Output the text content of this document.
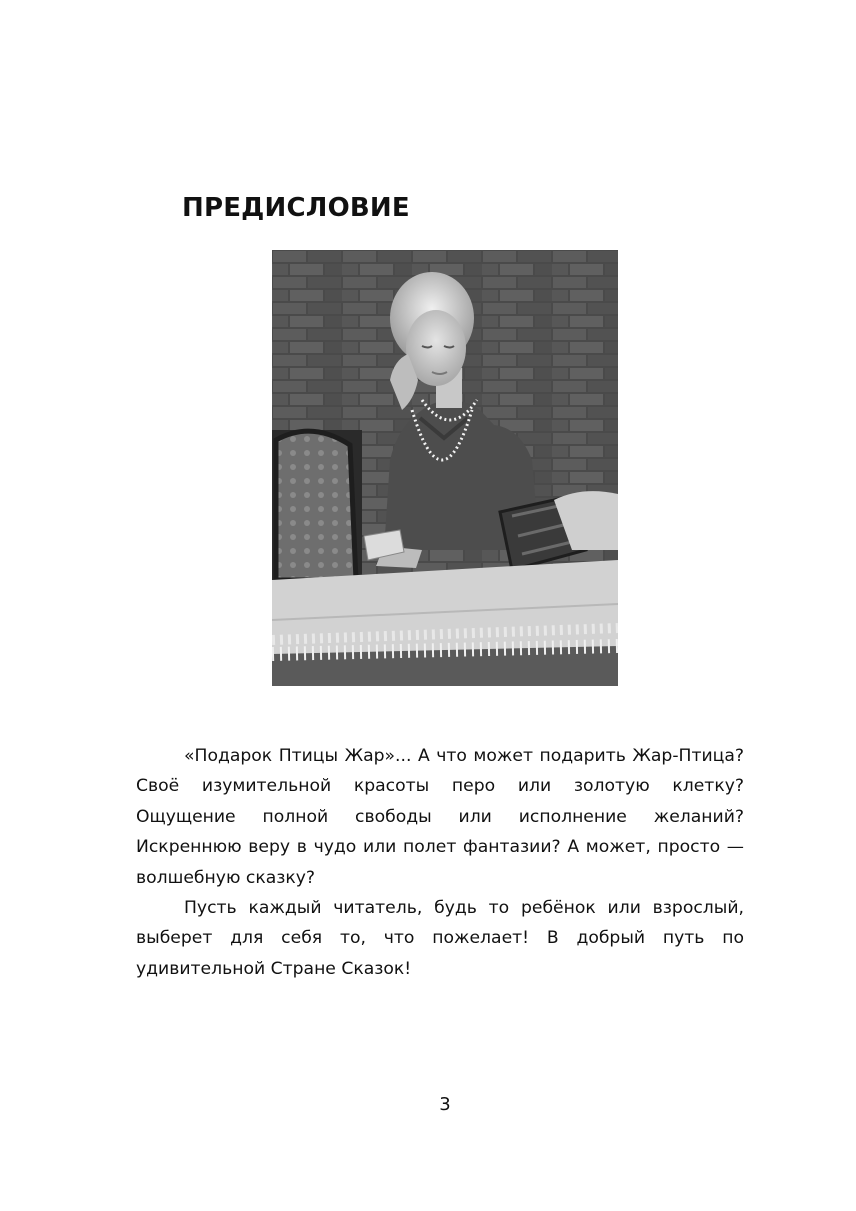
ПРЕДИСЛОВИЕ

«Подарок Птицы Жар»... А что может подарить Жар-Птица? Своё изумительной красоты перо или золотую клетку? Ощущение полной свободы или исполнение желаний? Искреннюю веру в чудо или полет фантазии? А может, просто — волшебную сказку?

Пусть каждый читатель, будь то ребёнок или взрослый, выберет для себя то, что пожелает! В добрый путь по удивительной Стране Сказок!

3
